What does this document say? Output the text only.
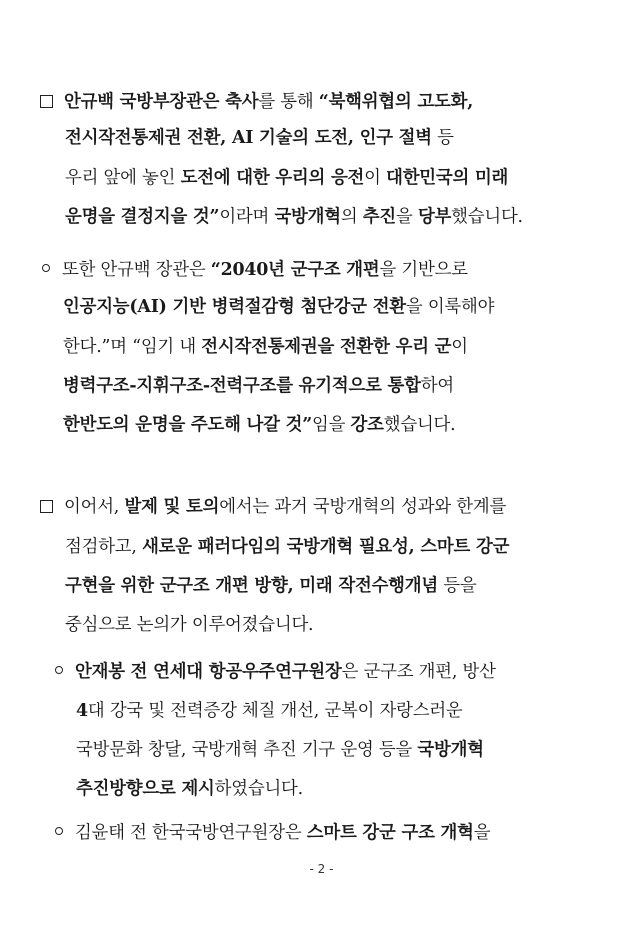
안규백 국방부장관은 축사를 통해 “북핵위협의 고도화,
전시작전통제권 전환, AI 기술의 도전, 인구 절벽 등
우리 앞에 놓인 도전에 대한 우리의 응전이 대한민국의 미래
운명을 결정지을 것”이라며 국방개혁의 추진을 당부했습니다.
또한 안규백 장관은 “2040년 군구조 개편을 기반으로
인공지능(AI) 기반 병력절감형 첨단강군 전환을 이룩해야
한다.”며 “임기 내 전시작전통제권을 전환한 우리 군이
병력구조-지휘구조-전력구조를 유기적으로 통합하여
한반도의 운명을 주도해 나갈 것”임을 강조했습니다.
이어서, 발제 및 토의에서는 과거 국방개혁의 성과와 한계를
점검하고, 새로운 패러다임의 국방개혁 필요성, 스마트 강군
구현을 위한 군구조 개편 방향, 미래 작전수행개념 등을
중심으로 논의가 이루어졌습니다.
안재봉 전 연세대 항공우주연구원장은 군구조 개편, 방산
4대 강국 및 전력증강 체질 개선, 군복이 자랑스러운
국방문화 창달, 국방개혁 추진 기구 운영 등을 국방개혁
추진방향으로 제시하였습니다.
김윤태 전 한국국방연구원장은 스마트 강군 구조 개혁을
- 2 -
